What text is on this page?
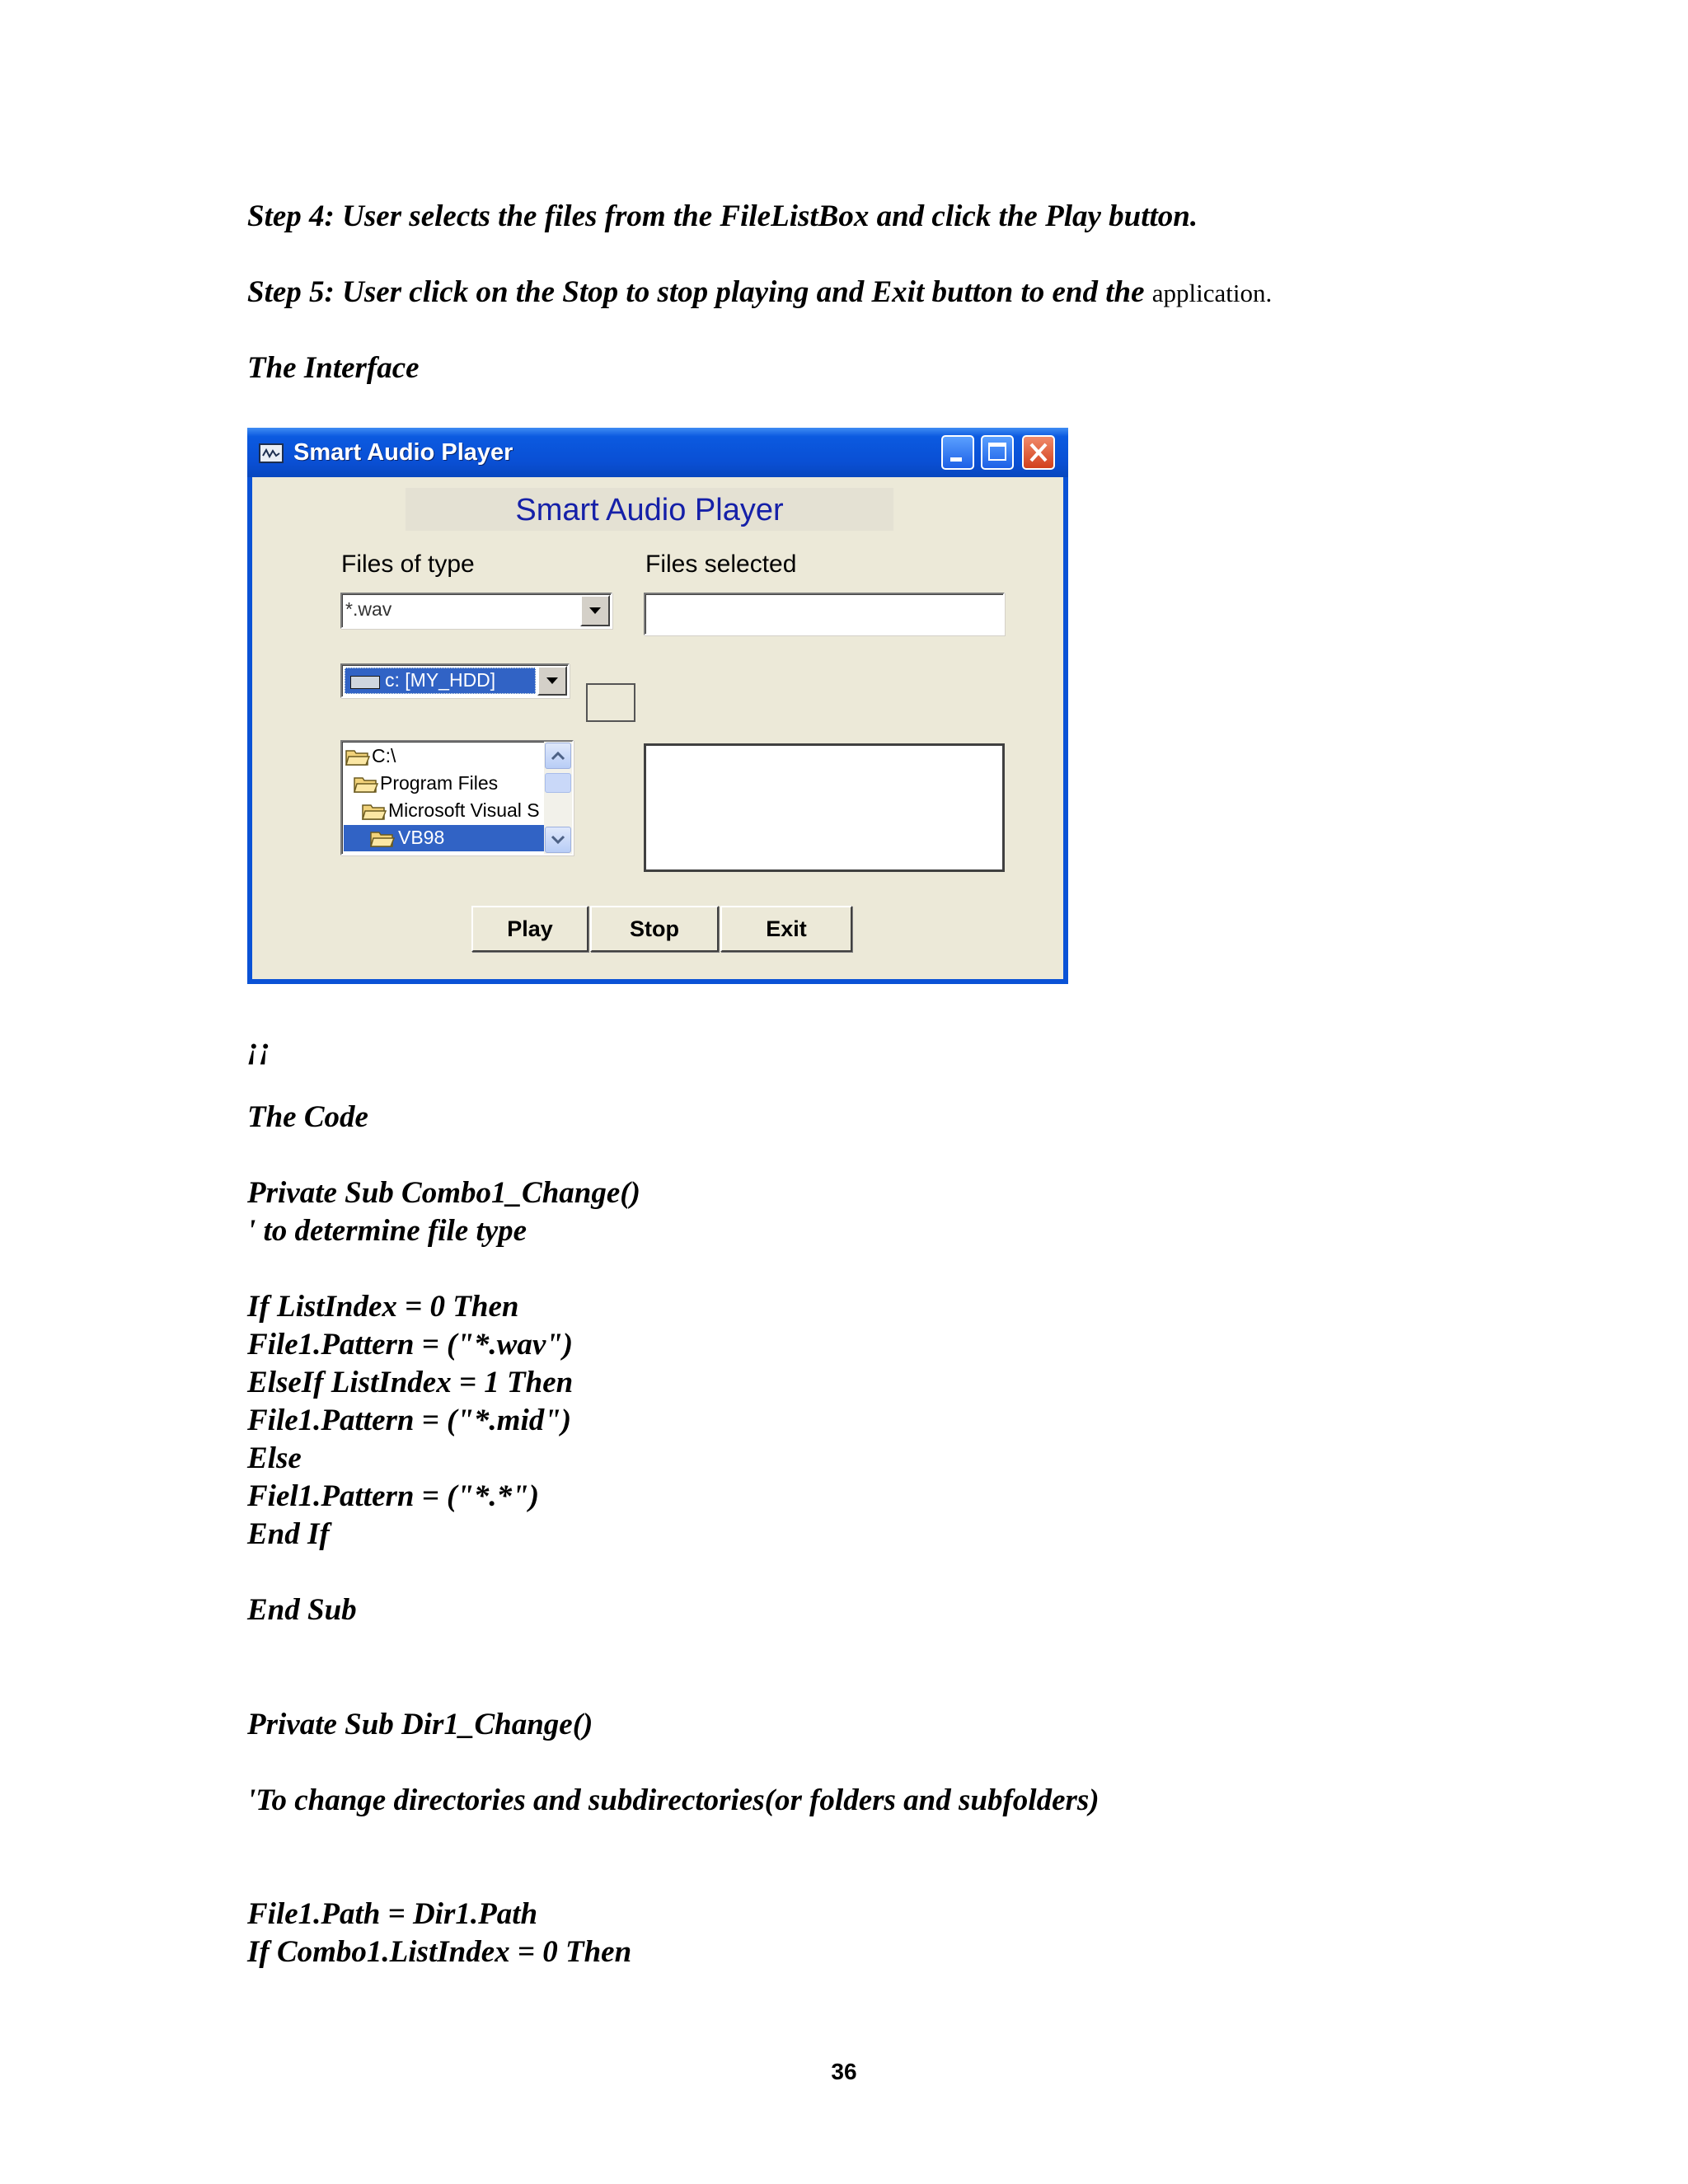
Step 4: User selects the files from the FileListBox and click the Play button.
Step 5: User click on the Stop to stop playing and Exit button to end the application.
The Interface
Smart Audio Player
Smart Audio Player
Files of type	Files selected
*.wav
c: [MY_HDD]
C:\
Program Files
Microsoft Visual S
VB98
Play	Stop	Exit
¡¡
The Code
Private Sub Combo1_Change()
' to determine file type
If ListIndex = 0 Then
File1.Pattern = ("*.wav")
ElseIf ListIndex = 1 Then
File1.Pattern = ("*.mid")
Else
Fiel1.Pattern = ("*.*")
End If
End Sub
Private Sub Dir1_Change()
'To change directories and subdirectories(or folders and subfolders)
File1.Path = Dir1.Path
If Combo1.ListIndex = 0 Then
36
